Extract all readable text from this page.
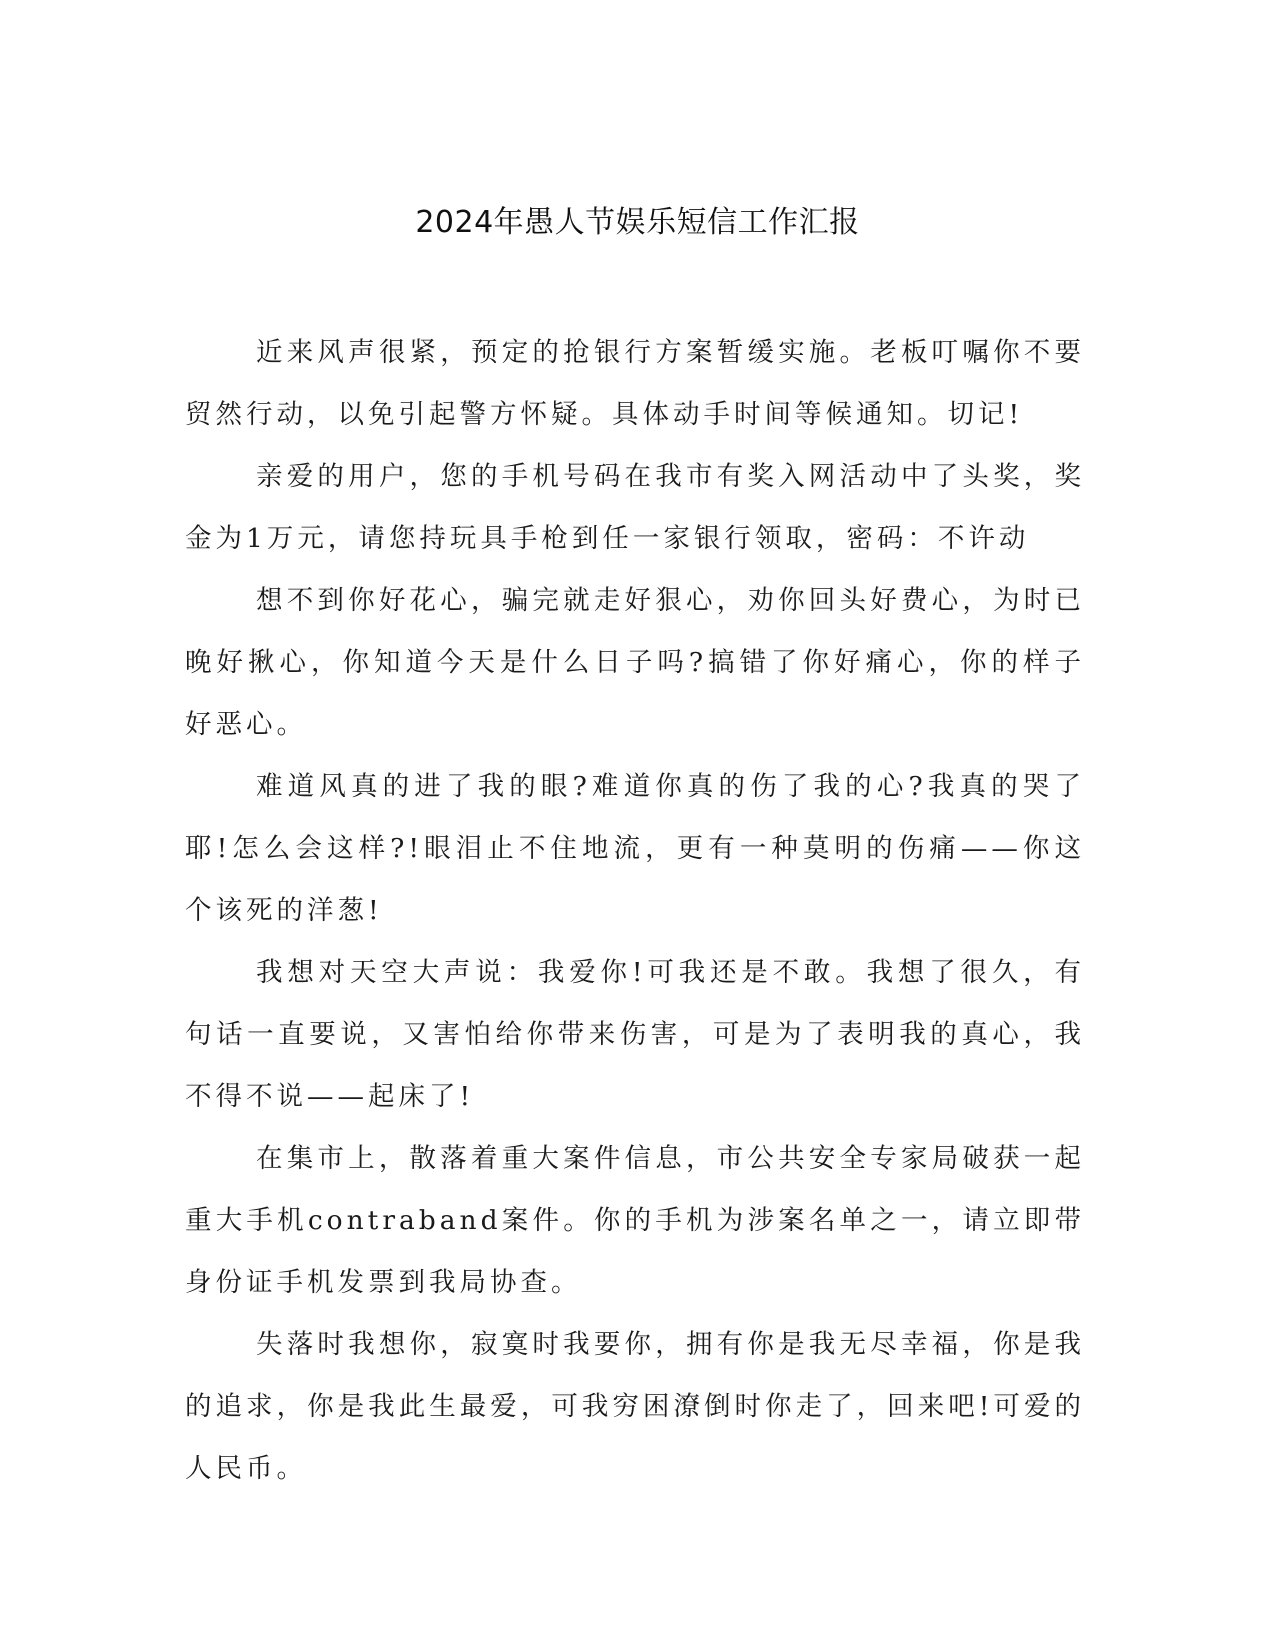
2024年愚人节娱乐短信工作汇报

近来风声很紧，预定的抢银行方案暂缓实施。老板叮嘱你不要贸然行动，以免引起警方怀疑。具体动手时间等候通知。切记!

亲爱的用户，您的手机号码在我市有奖入网活动中了头奖，奖金为1万元，请您持玩具手枪到任一家银行领取，密码：不许动

想不到你好花心，骗完就走好狠心，劝你回头好费心，为时已晚好揪心，你知道今天是什么日子吗?搞错了你好痛心，你的样子好恶心。

难道风真的进了我的眼?难道你真的伤了我的心?我真的哭了耶!怎么会这样?!眼泪止不住地流，更有一种莫明的伤痛——你这个该死的洋葱!

我想对天空大声说：我爱你!可我还是不敢。我想了很久，有句话一直要说，又害怕给你带来伤害，可是为了表明我的真心，我不得不说——起床了!

在集市上，散落着重大案件信息，市公共安全专家局破获一起重大手机contraband案件。你的手机为涉案名单之一，请立即带身份证手机发票到我局协查。

失落时我想你，寂寞时我要你，拥有你是我无尽幸福，你是我的追求，你是我此生最爱，可我穷困潦倒时你走了，回来吧!可爱的人民币。
